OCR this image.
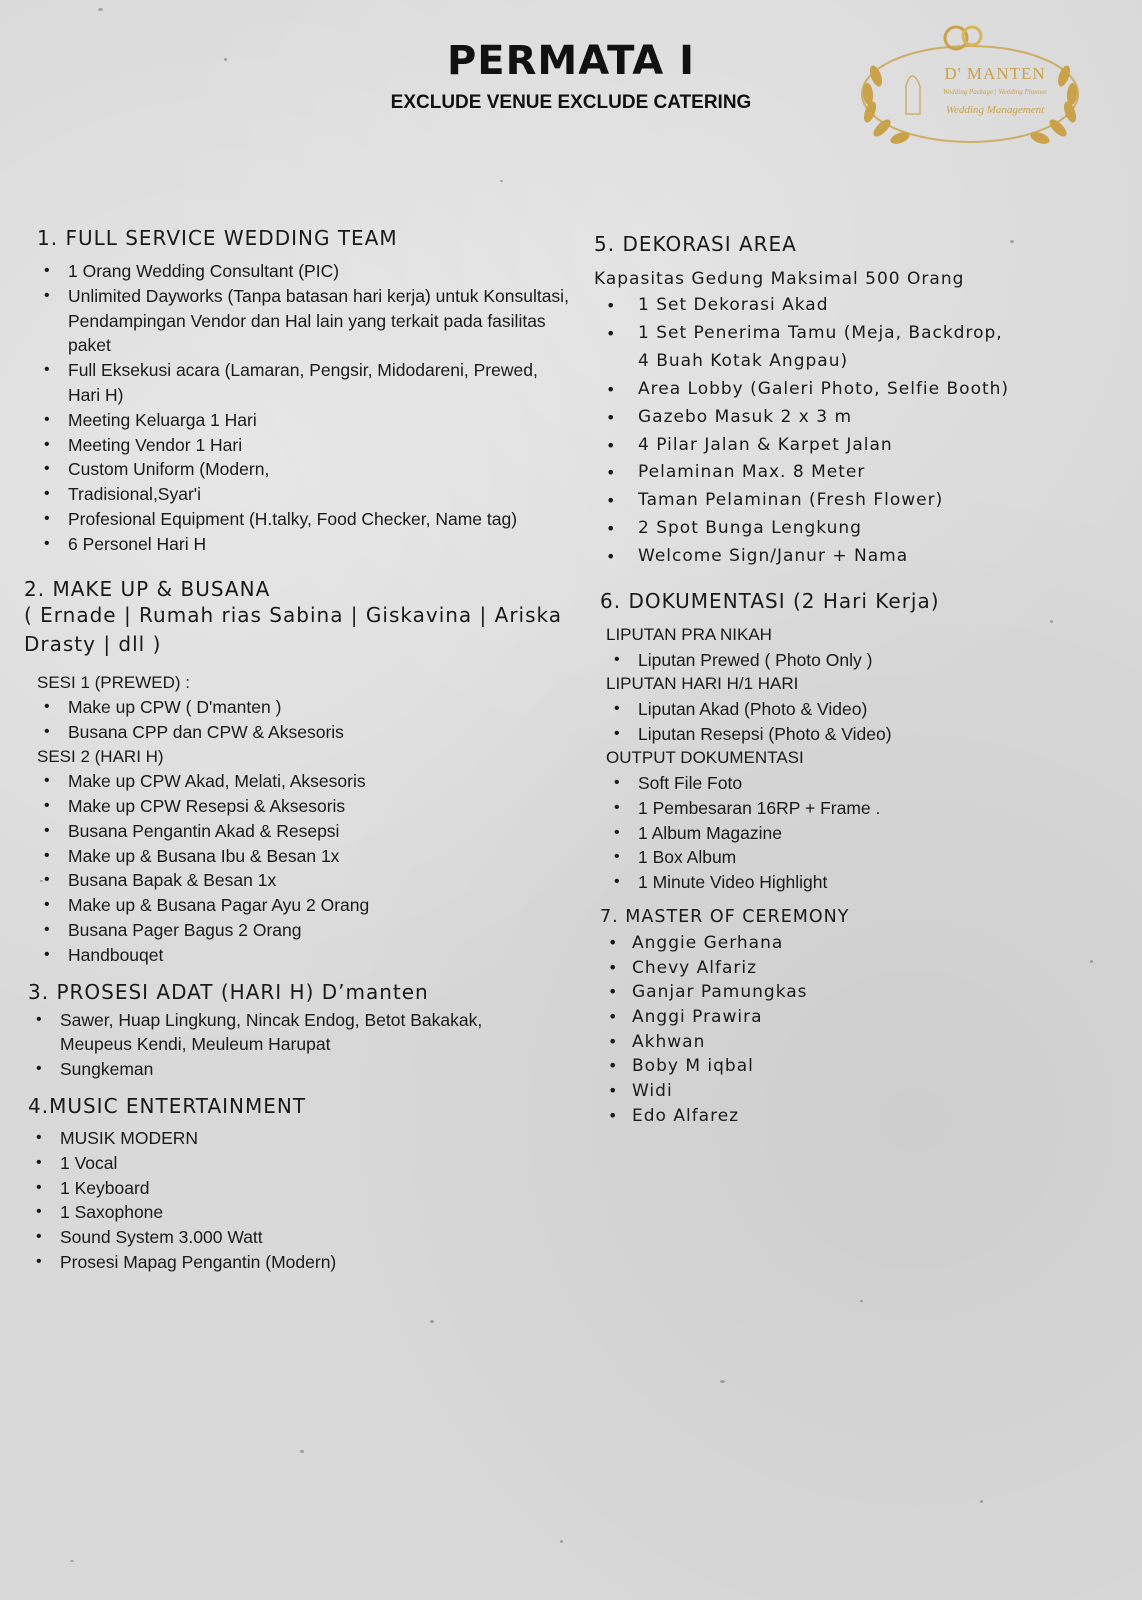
PERMATA I
EXCLUDE VENUE EXCLUDE CATERING
D' MANTEN
Wedding Package | Wedding Planner
Wedding Management
1. FULL SERVICE WEDDING TEAM
• 1 Orang Wedding Consultant (PIC)
• Unlimited Dayworks (Tanpa batasan hari kerja) untuk Konsultasi, Pendampingan Vendor dan Hal lain yang terkait pada fasilitas paket
• Full Eksekusi acara (Lamaran, Pengsir, Midodareni, Prewed, Hari H)
• Meeting Keluarga 1 Hari
• Meeting Vendor 1 Hari
• Custom Uniform (Modern,
• Tradisional,Syar'i
• Profesional Equipment (H.talky, Food Checker, Name tag)
• 6 Personel Hari H
2. MAKE UP & BUSANA

( Ernade | Rumah rias Sabina | Giskavina | Ariska Drasty | dll )

SESI 1 (PREWED) :
• Make up CPW ( D'manten )
• Busana CPP dan CPW & Aksesoris
SESI 2 (HARI H)
• Make up CPW Akad, Melati, Aksesoris
• Make up CPW Resepsi & Aksesoris
• Busana Pengantin Akad & Resepsi
• Make up & Busana Ibu & Besan 1x
• Busana Bapak & Besan 1x
• Make up & Busana Pagar Ayu 2 Orang
• Busana Pager Bagus 2 Orang
• Handbouqet
3. PROSESI ADAT (HARI H) D’manten
• Sawer, Huap Lingkung, Nincak Endog, Betot Bakakak, Meupeus Kendi, Meuleum Harupat
• Sungkeman
4.MUSIC ENTERTAINMENT
• MUSIK MODERN
• 1 Vocal
• 1 Keyboard
• 1 Saxophone
• Sound System 3.000 Watt
• Prosesi Mapag Pengantin (Modern)
5. DEKORASI AREA
Kapasitas Gedung Maksimal 500 Orang
• 1 Set Dekorasi Akad
• 1 Set Penerima Tamu (Meja, Backdrop, 4 Buah Kotak Angpau)
• Area Lobby (Galeri Photo, Selfie Booth)
• Gazebo Masuk 2 x 3 m
• 4 Pilar Jalan & Karpet Jalan
• Pelaminan Max. 8 Meter
• Taman Pelaminan (Fresh Flower)
• 2 Spot Bunga Lengkung
• Welcome Sign/Janur + Nama
6. DOKUMENTASI (2 Hari Kerja)
LIPUTAN PRA NIKAH
• Liputan Prewed ( Photo Only )
LIPUTAN HARI H/1 HARI
• Liputan Akad (Photo & Video)
• Liputan Resepsi (Photo & Video)
OUTPUT DOKUMENTASI
• Soft File Foto
• 1 Pembesaran 16RP + Frame .
• 1 Album Magazine
• 1 Box Album
• 1 Minute Video Highlight
7. MASTER OF CEREMONY
• Anggie Gerhana
• Chevy Alfariz
• Ganjar Pamungkas
• Anggi Prawira
• Akhwan
• Boby M iqbal
• Widi
• Edo Alfarez
